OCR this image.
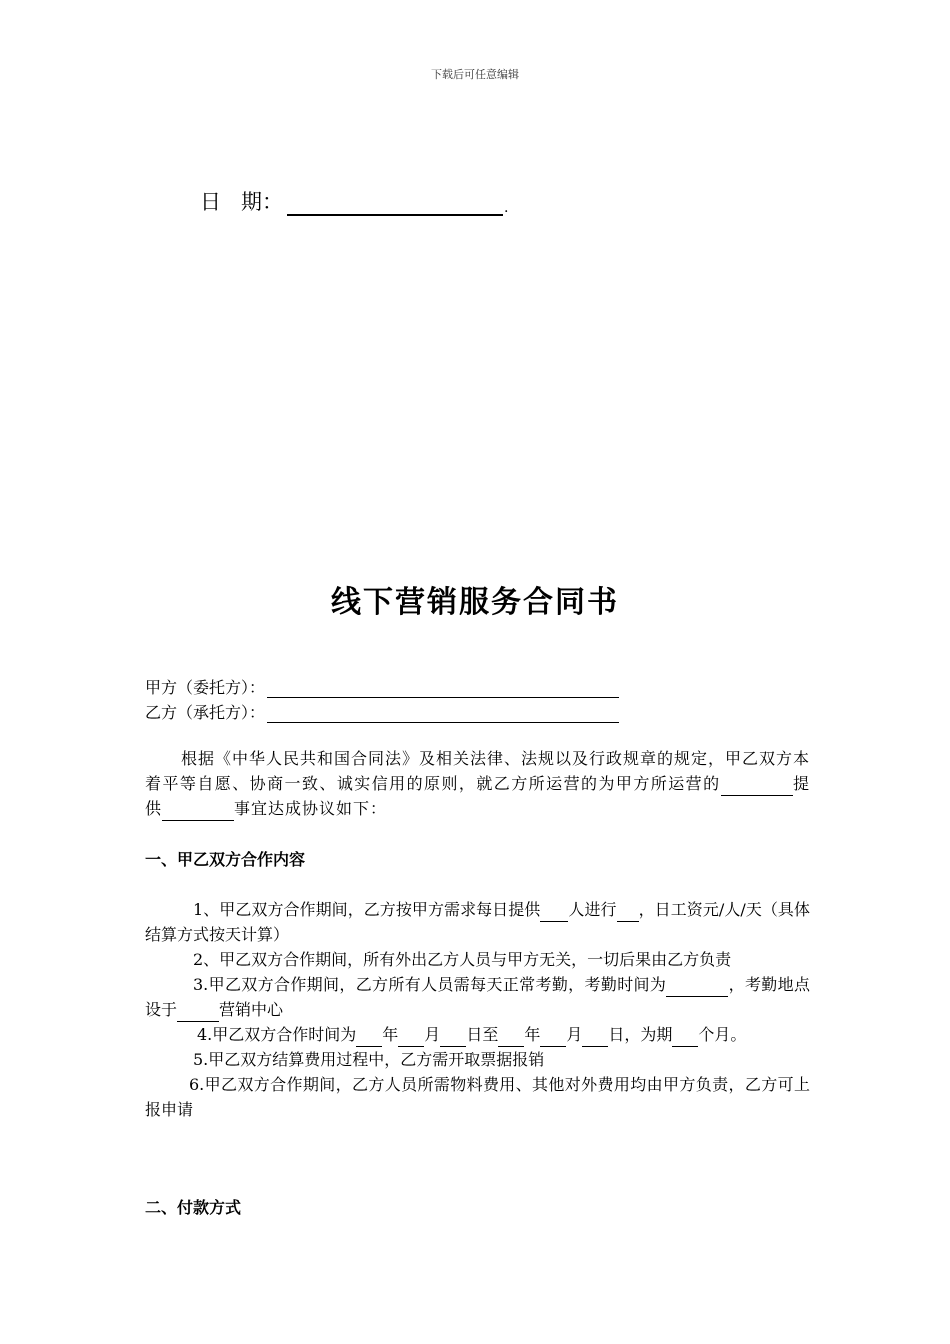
下载后可任意编辑
日 期：	.
线下营销服务合同书
甲方（委托方）：
乙方（承托方）：

根据《中华人民共和国合同法》及相关法律、法规以及行政规章的规定，甲乙双方本着平等自愿、协商一致、诚实信用的原则，就乙方所运营的为甲方所运营的	提供	事宜达成协议如下：

一、甲乙双方合作内容

1、甲乙双方合作期间，乙方按甲方需求每日提供 人进行 ，日工资元/人/天（具体结算方式按天计算）

2、甲乙双方合作期间，所有外出乙方人员与甲方无关，一切后果由乙方负责

3.甲乙双方合作期间，乙方所有人员需每天正常考勤，考勤时间为	，考勤地点设于	营销中心

4.甲乙双方合作时间为 年 月 日至 年 月 日，为期 个月。

5.甲乙双方结算费用过程中，乙方需开取票据报销

6.甲乙双方合作期间，乙方人员所需物料费用、其他对外费用均由甲方负责，乙方可上报申请

二、付款方式
